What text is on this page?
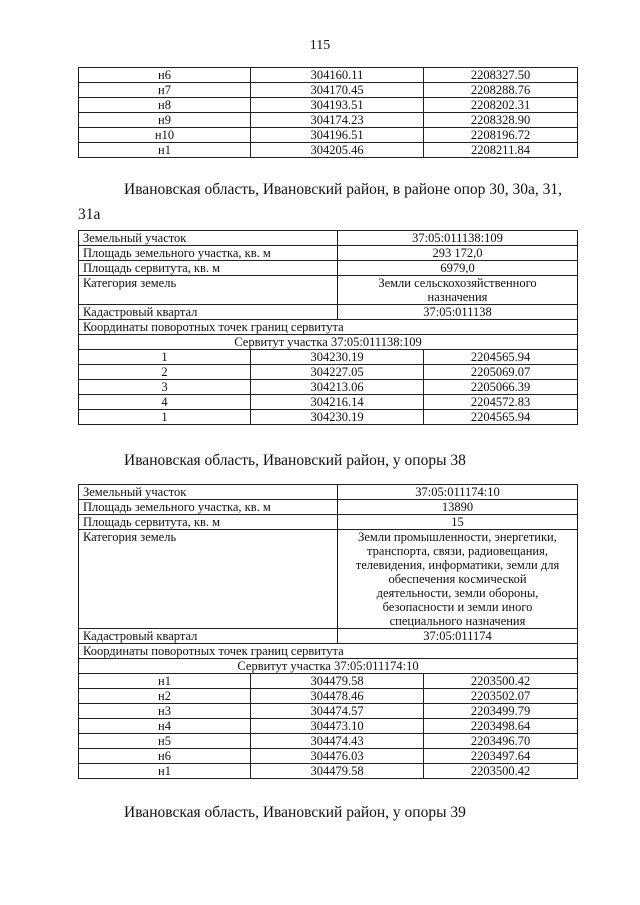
115
н6	304160.11	2208327.50
н7	304170.45	2208288.76
н8	304193.51	2208202.31
н9	304174.23	2208328.90
н10	304196.51	2208196.72
н1	304205.46	2208211.84
Ивановская область, Ивановский район, в районе опор 30, 30а, 31,
31а
Земельный участок		37:05:011138:109	
Площадь земельного участка, кв. м		293 172,0	
Площадь сервитута, кв. м		6979,0	
Категория земель		Земли сельскохозяйственного
назначения	
Кадастровый квартал		37:05:011138	
Координаты поворотных точек границ сервитута			
Сервитут участка 37:05:011138:109			
1	304230.19		2204565.94
2	304227.05		2205069.07
3	304213.06		2205066.39
4	304216.14		2204572.83
1	304230.19		2204565.94
Ивановская область, Ивановский район, у опоры 38
Земельный участок		37:05:011174:10	
Площадь земельного участка, кв. м		13890	
Площадь сервитута, кв. м		15	
Категория земель	Земли промышленности, энергетики,
транспорта, связи, радиовещания,
телевидения, информатики, земли для
обеспечения космической
деятельности, земли обороны,
безопасности и земли иного
специального назначения
Кадастровый квартал		37:05:011174	
Координаты поворотных точек границ сервитута			
Сервитут участка 37:05:011174:10			
н1	304479.58		2203500.42
н2	304478.46		2203502.07
н3	304474.57		2203499.79
н4	304473.10		2203498.64
н5	304474.43		2203496.70
н6	304476.03		2203497.64
н1	304479.58		2203500.42
Ивановская область, Ивановский район, у опоры 39
